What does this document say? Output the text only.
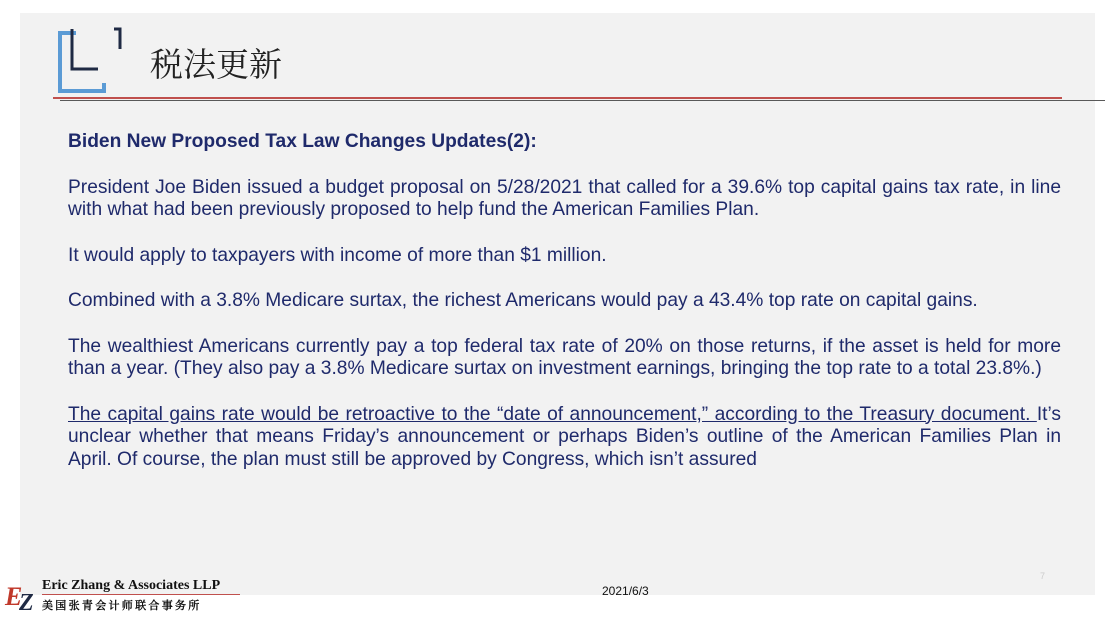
税法更新

Biden New Proposed Tax Law Changes Updates(2):

President Joe Biden issued a budget proposal on 5/28/2021 that called for a 39.6% top capital gains tax rate, in line with what had been previously proposed to help fund the American Families Plan.

It would apply to taxpayers with income of more than $1 million.

Combined with a 3.8% Medicare surtax, the richest Americans would pay a 43.4% top rate on capital gains.

The wealthiest Americans currently pay a top federal tax rate of 20% on those returns, if the asset is held for more than a year. (They also pay a 3.8% Medicare surtax on investment earnings, bringing the top rate to a total 23.8%.)

The capital gains rate would be retroactive to the “date of announcement,” according to the Treasury document. It’s unclear whether that means Friday’s announcement or perhaps Biden’s outline of the American Families Plan in April. Of course, the plan must still be approved by Congress, which isn’t assured

7
2021/6/3
E
Z
Eric Zhang & Associates LLP
美国张青会计师联合事务所
